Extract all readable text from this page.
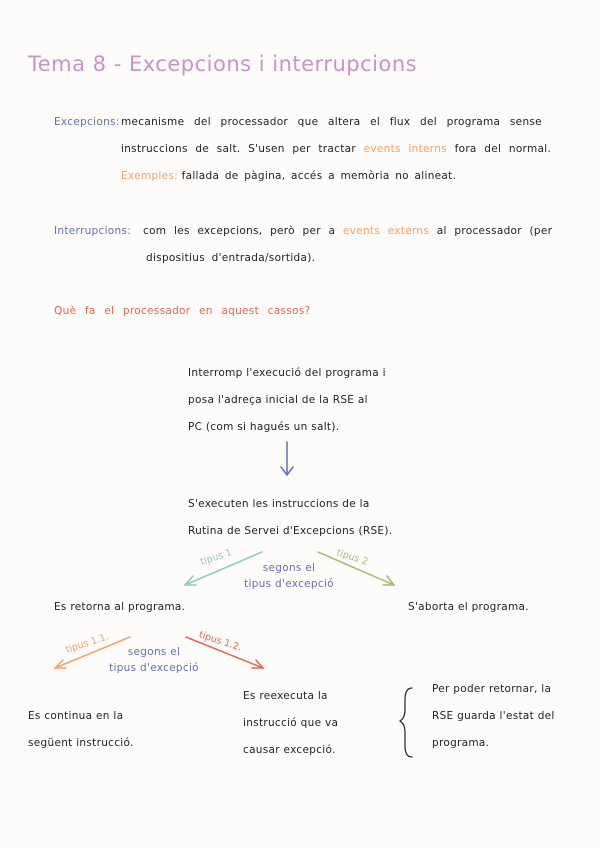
Tema 8 - Excepcions i interrupcions
Excepcions: mecanisme del processador que altera el flux del programa sense
instruccions de salt. S'usen per tractar events interns fora del normal.
Exemples: fallada de pàgina, accés a memòria no alineat.
Interrupcions: com les excepcions, però per a events externs al processador (per
dispositius d'entrada/sortida).
Què fa el processador en aquest cassos?
Interromp l'execució del programa i
posa l'adreça inicial de la RSE al
PC (com si hagués un salt).
S'executen les instruccions de la
Rutina de Servei d'Excepcions (RSE).
segons el
tipus d'excepció
tipus 1	tipus 2
Es retorna al programa.	S'aborta el programa.
segons el
tipus d'excepció
tipus 1.1.	tipus 1.2.
Es continua en la
següent instrucció.
Es reexecuta la
instrucció que va
causar excepció.
Per poder retornar, la
RSE guarda l'estat del
programa.
